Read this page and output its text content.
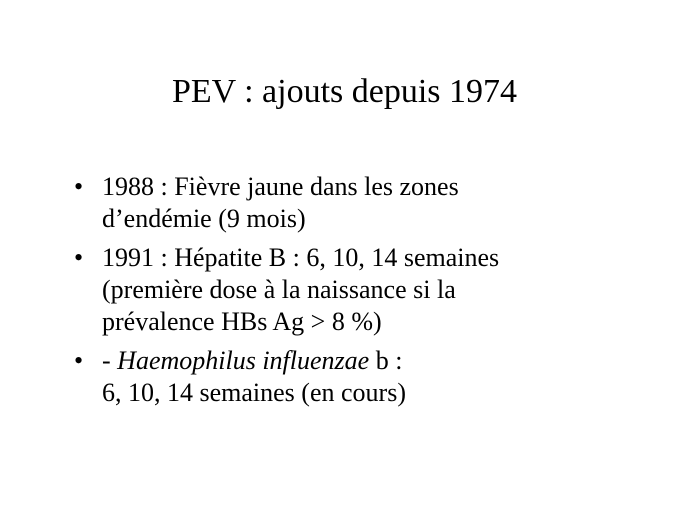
PEV : ajouts depuis 1974
• 1988 : Fièvre jaune dans les zones
d’endémie (9 mois)
• 1991 : Hépatite B : 6, 10, 14 semaines
(première dose à la naissance si la
prévalence HBs Ag > 8 %)
• - Haemophilus influenzae b :
6, 10, 14 semaines (en cours)
